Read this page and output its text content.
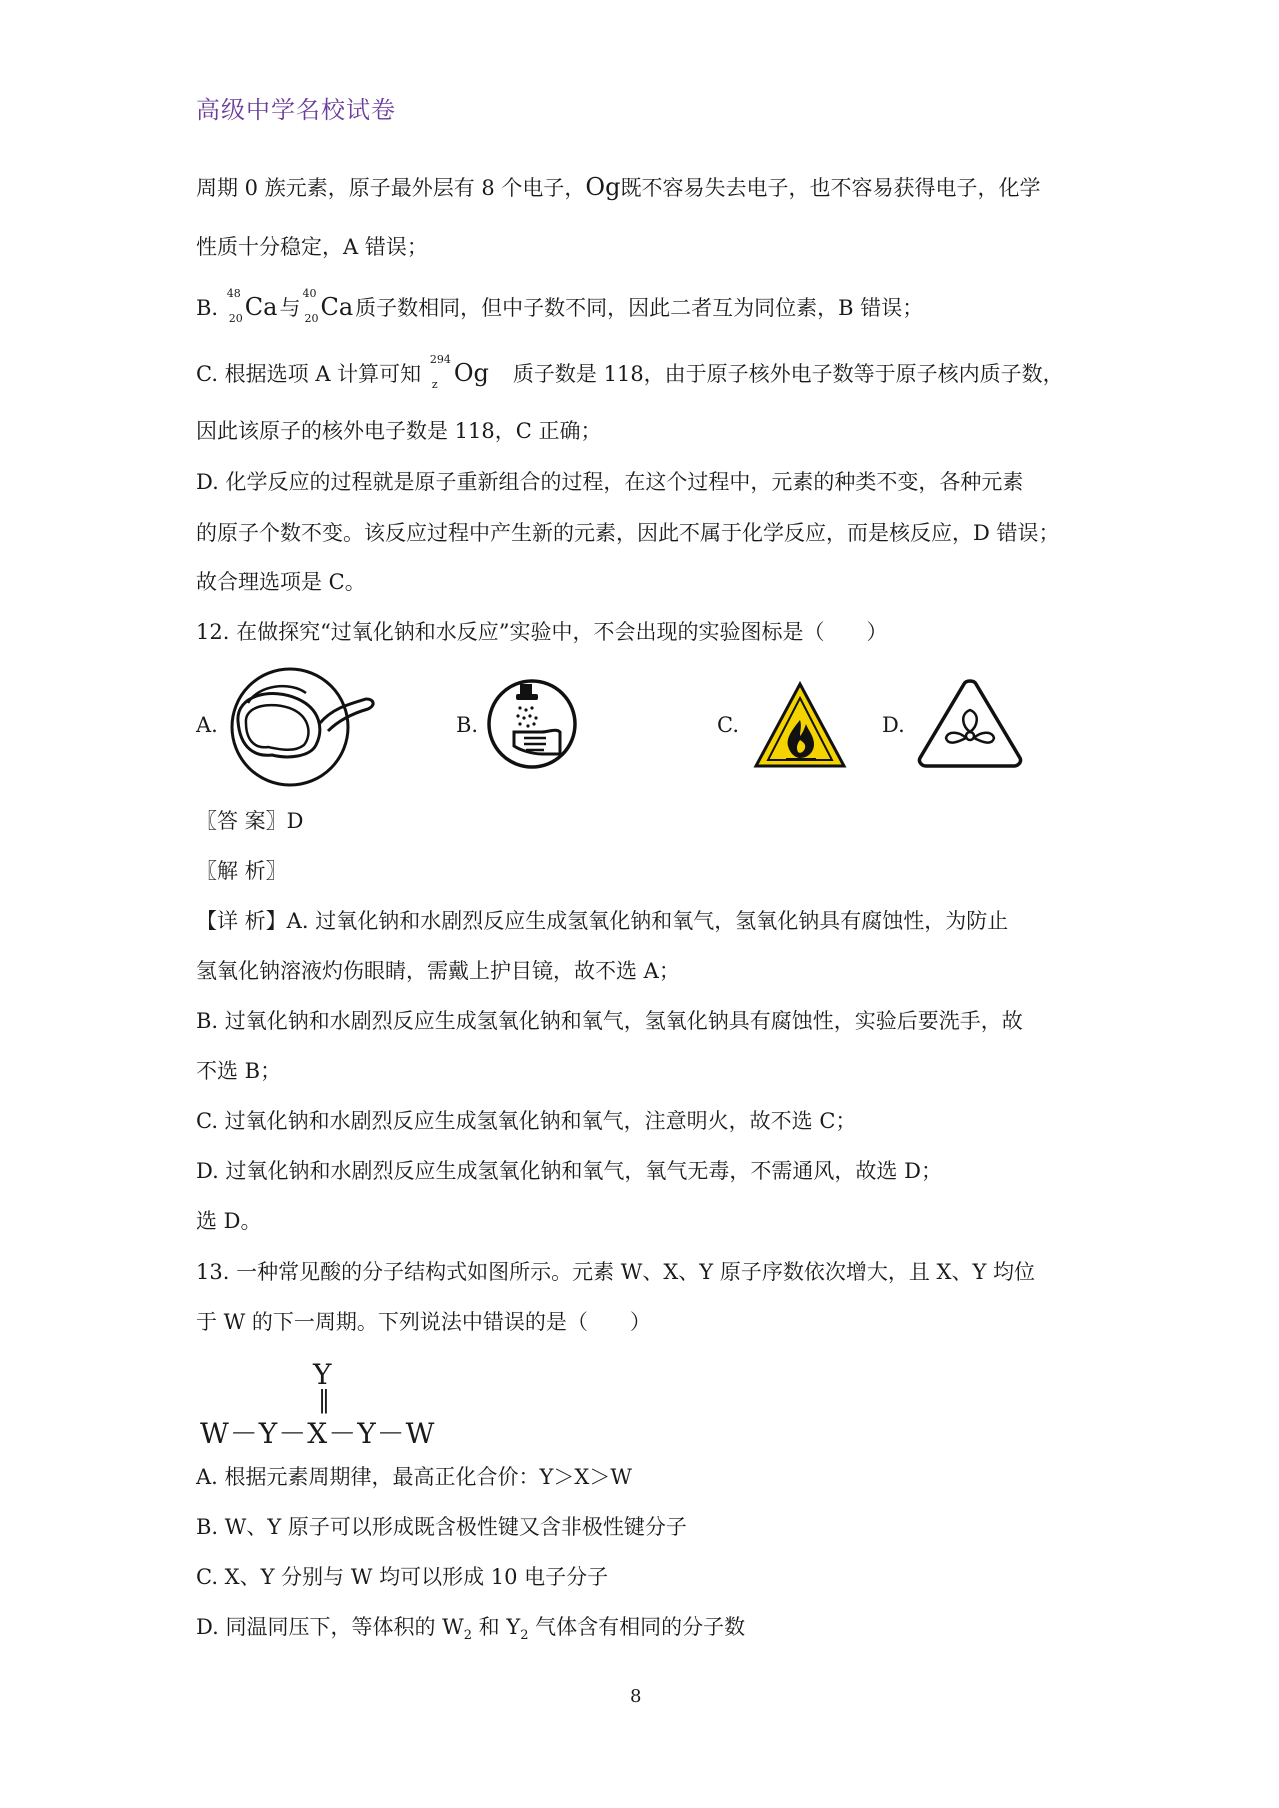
高级中学名校试卷
周期 0 族元素，原子最外层有 8 个电子，Og既不容易失去电子，也不容易获得电子，化学
性质十分稳定，A 错误；
B.
48
20 Ca与
40
20 Ca质子数相同，但中子数不同，因此二者互为同位素，B 错误；
C. 根据选项 A 计算可知
294
z Og 质子数是 118，由于原子核外电子数等于原子核内质子数，
因此该原子的核外电子数是 118，C 正确；
D. 化学反应的过程就是原子重新组合的过程，在这个过程中，元素的种类不变，各种元素
的原子个数不变。该反应过程中产生新的元素，因此不属于化学反应，而是核反应，D 错误；
故合理选项是 C。
12. 在做探究“过氧化钠和水反应”实验中，不会出现的实验图标是（　　）
A.	B.	C.	D.
〖答 案〗D
〖解 析〗
【详 析】A. 过氧化钠和水剧烈反应生成氢氧化钠和氧气，氢氧化钠具有腐蚀性，为防止
氢氧化钠溶液灼伤眼睛，需戴上护目镜，故不选 A；
B. 过氧化钠和水剧烈反应生成氢氧化钠和氧气，氢氧化钠具有腐蚀性，实验后要洗手，故
不选 B；
C. 过氧化钠和水剧烈反应生成氢氧化钠和氧气，注意明火，故不选 C；
D. 过氧化钠和水剧烈反应生成氢氧化钠和氧气，氧气无毒，不需通风，故选 D；
选 D。
13. 一种常见酸的分子结构式如图所示。元素 W、X、Y 原子序数依次增大，且 X、Y 均位
于 W 的下一周期。下列说法中错误的是（　　）
Y
‖
W－Y－X－Y－W
A. 根据元素周期律，最高正化合价：Y＞X＞W
B. W、Y 原子可以形成既含极性键又含非极性键分子
C. X、Y 分别与 W 均可以形成 10 电子分子
D. 同温同压下，等体积的 $W_2$ 和 $Y_2$ 气体含有相同的分子数
8
